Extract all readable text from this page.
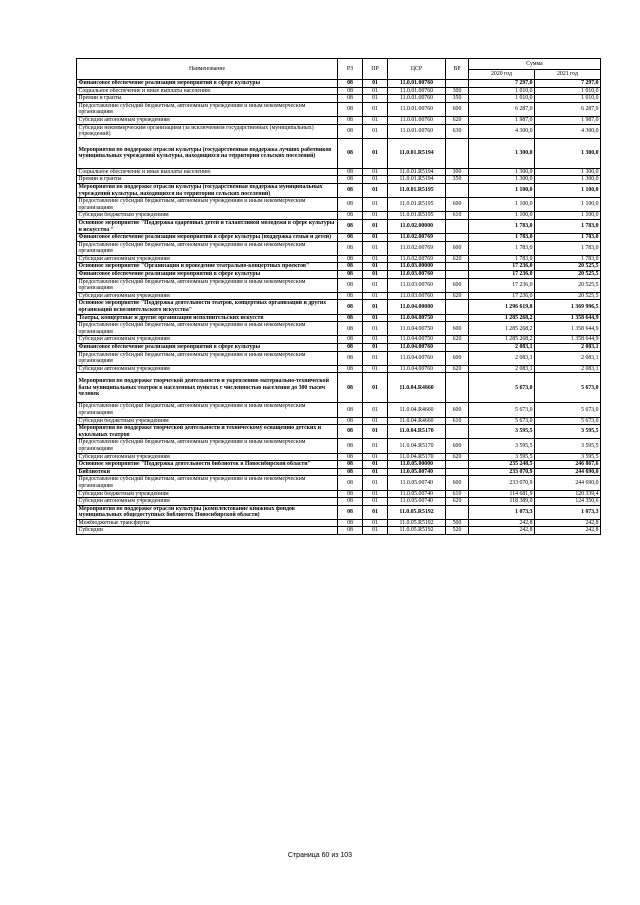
Наименование	РЗ	ПР	ЦСР	ВР	Сумма	
					2020 год	2021 год
Финансовое обеспечение реализации мероприятий в сфере культуры	08	01	11.0.01.00760		7 297,0	7 297,0
Социальное обеспечение и иные выплаты населению	08	01	11.0.01.00760	300	1 010,0	1 010,0
Премии и гранты	08	01	11.0.01.00760	350	1 010,0	1 010,0
Предоставление субсидий бюджетным, автономным учреждениям и иным некоммерческим организациям	08	01	11.0.01.00760	600	6 287,0	6 287,0
Субсидии автономным учреждениям	08	01	11.0.01.00760	620	1 987,0	1 987,0
Субсидии некоммерческим организациям (за исключением государственных (муниципальных) учреждений)	08	01	11.0.01.00760	630	4 300,0	4 300,0
Мероприятия по поддержке отрасли культуры (государственная поддержка лучших работников муниципальных учреждений культуры, находящихся на территории сельских поселений)	08	01	11.0.01.R5194		1 300,0	1 300,0
Социальное обеспечение и иные выплаты населению	08	01	11.0.01.R5194	300	1 300,0	1 300,0
Премии и гранты	08	01	11.0.01.R5194	350	1 300,0	1 300,0
Мероприятия по поддержке отрасли культуры (государственная поддержка муниципальных учреждений культуры, находящихся на территории сельских поселений)	08	01	11.0.01.R5195		1 100,0	1 100,0
Предоставление субсидий бюджетным, автономным учреждениям и иным некоммерческим организациям	08	01	11.0.01.R5195	600	1 100,0	1 100,0
Субсидии бюджетным учреждениям	08	01	11.0.01.R5195	610	1 100,0	1 100,0
Основное мероприятие "Поддержка одаренных детей и талантливой молодежи в сфере культуры и искусства "	08	01	11.0.02.00000		1 783,0	1 783,0
Финансовое обеспечение реализации мероприятий в сфере культуры (поддержка семьи и детей)	08	01	11.0.02.00769		1 783,0	1 783,0
Предоставление субсидий бюджетным, автономным учреждениям и иным некоммерческим организациям	08	01	11.0.02.00769	600	1 783,0	1 783,0
Субсидии автономным учреждениям	08	01	11.0.02.00769	620	1 783,0	1 783,0
Основное мероприятие "Организация и проведение театрально-концертных проектов"	08	01	11.0.03.00000		17 236,0	20 525,5
Финансовое обеспечение реализации мероприятий в сфере культуры	08	01	11.0.03.00760		17 236,0	20 525,5
Предоставление субсидий бюджетным, автономным учреждениям и иным некоммерческим организациям	08	01	11.0.03.00760	600	17 236,0	20 525,5
Субсидии автономным учреждениям	08	01	11.0.03.00760	620	17 236,0	20 525,5
Основное мероприятие "Поддержка деятельности театров, концертных организаций и других организаций исполнительского искусства"	08	01	11.0.04.00000		1 296 619,8	1 369 996,5
Театры, концертные и другие организации исполнительских искусств	08	01	11.0.04.00750		1 285 268,2	1 358 644,9
Предоставление субсидий бюджетным, автономным учреждениям и иным некоммерческим организациям	08	01	11.0.04.00750	600	1 285 268,2	1 358 644,9
Субсидии автономным учреждениям	08	01	11.0.04.00750	620	1 285 268,2	1 358 644,9
Финансовое обеспечение реализации мероприятий в сфере культуры	08	01	11.0.04.00760		2 083,1	2 083,1
Предоставление субсидий бюджетным, автономным учреждениям и иным некоммерческим организациям	08	01	11.0.04.00760	600	2 083,1	2 083,1
Субсидии автономным учреждениям	08	01	11.0.04.00760	620	2 083,1	2 083,1
Мероприятия по поддержке творческой деятельности и укреплению материально-технической базы муниципальных театров в населенных пунктах с численностью населения до 300 тысяч человек	08	01	11.0.04.R4660		5 673,0	5 673,0
Предоставление субсидий бюджетным, автономным учреждениям и иным некоммерческим организациям	08	01	11.0.04.R4660	600	5 673,0	5 673,0
Субсидии бюджетным учреждениям	08	01	11.0.04.R4660	610	5 673,0	5 673,0
Мероприятия по поддержке творческой деятельности и техническому оснащению детских и кукольных театров	08	01	11.0.04.R5170		3 595,5	3 595,5
Предоставление субсидий бюджетным, автономным учреждениям и иным некоммерческим организациям	08	01	11.0.04.R5170	600	3 595,5	3 595,5
Субсидии автономным учреждениям	08	01	11.0.04.R5170	620	3 595,5	3 595,5
Основное мероприятие "Поддержка деятельности библиотек в Новосибирской области"	08	01	11.0.05.00000		235 248,5	246 867,6
Библиотеки	08	01	11.0.05.00740		233 070,9	244 690,0
Предоставление субсидий бюджетным, автономным учреждениям и иным некоммерческим организациям	08	01	11.0.05.00740	600	233 070,9	244 690,0
Субсидии бюджетным учреждениям	08	01	11.0.05.00740	610	114 681,9	120 339,4
Субсидии автономным учреждениям	08	01	11.0.05.00740	620	118 389,0	124 350,6
Мероприятия по поддержке отрасли культуры (комплектование книжных фондов муниципальных общедоступных библиотек Новосибирской области)	08	01	11.0.05.R5192		1 073,3	1 073,3
Межбюджетные трансферты	08	01	11.0.05.R5192	500	242,8	242,8
Субсидии	08	01	11.0.05.R5192	520	242,8	242,8
Страница 60 из 103
